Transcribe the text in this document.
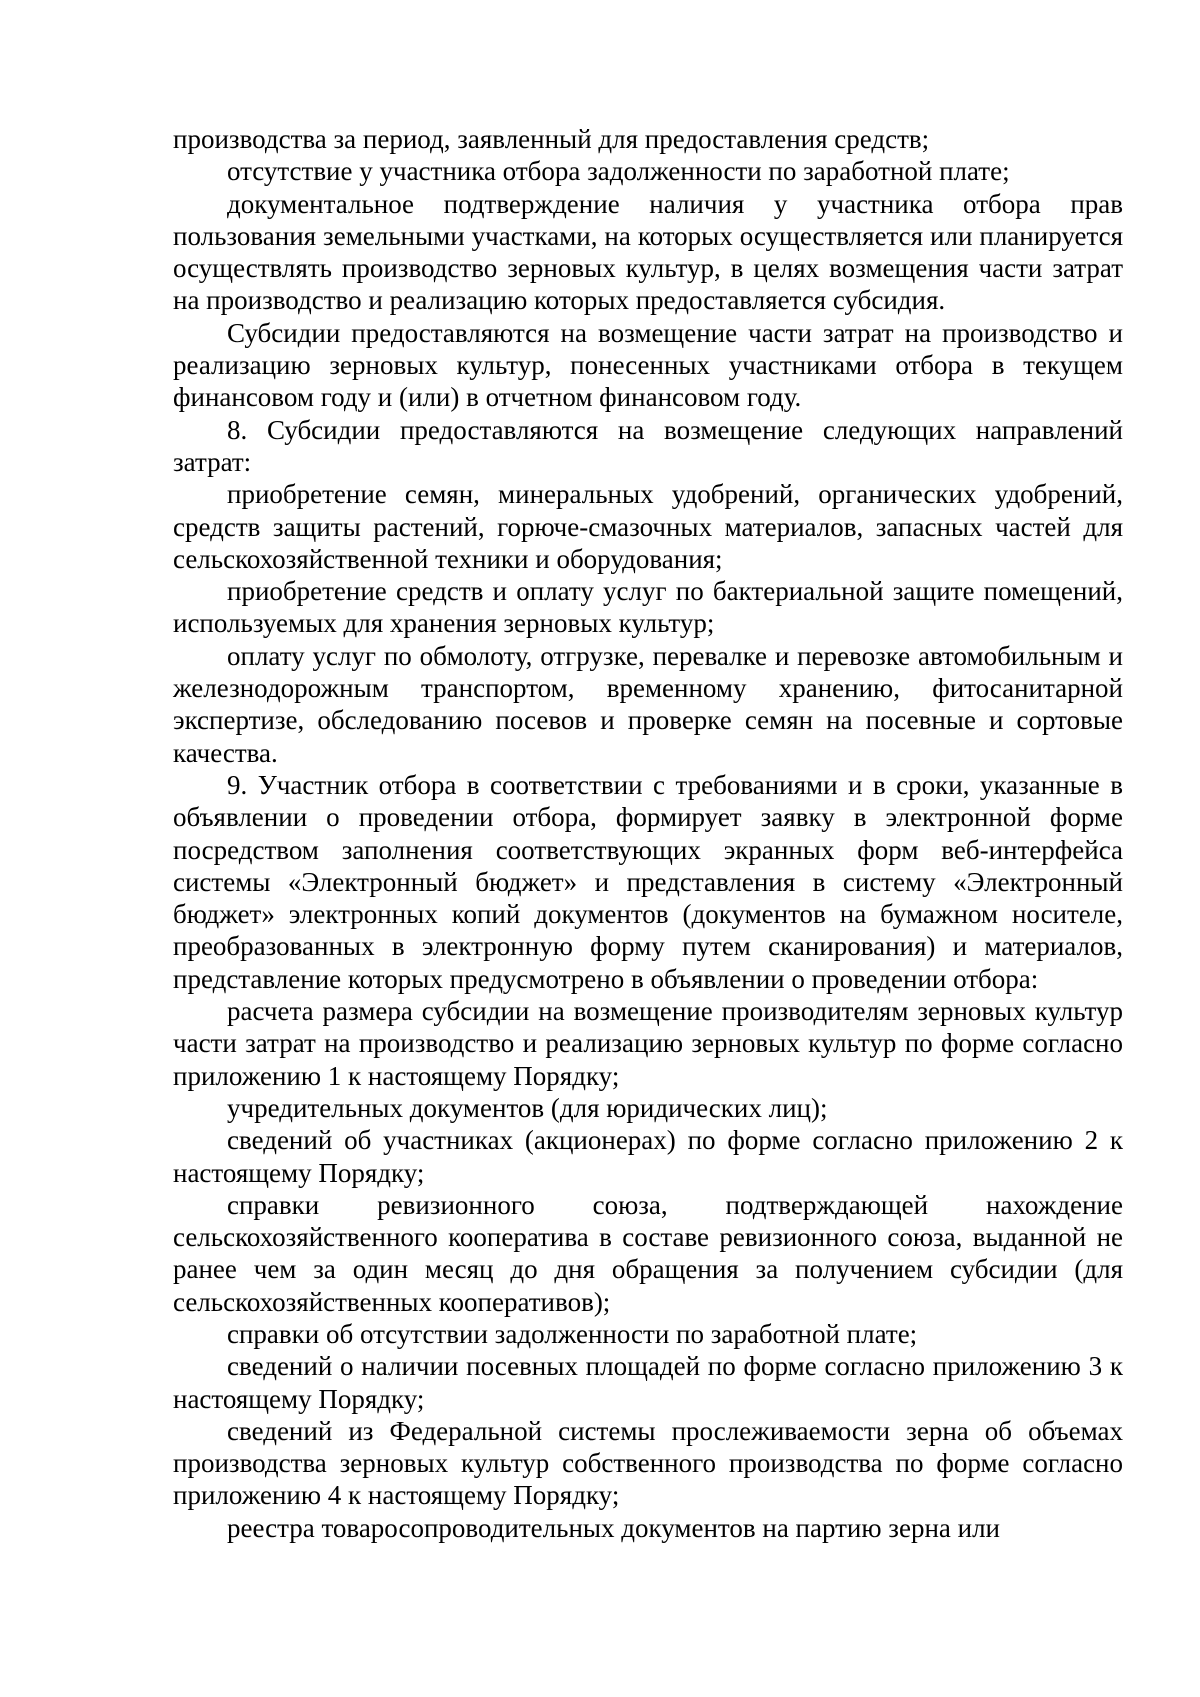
производства за период, заявленный для предоставления средств;

отсутствие у участника отбора задолженности по заработной плате;

документальное подтверждение наличия у участника отбора прав пользования земельными участками, на которых осуществляется или планируется осуществлять производство зерновых культур, в целях возмещения части затрат на производство и реализацию которых предоставляется субсидия.

Субсидии предоставляются на возмещение части затрат на производство и реализацию зерновых культур, понесенных участниками отбора в текущем финансовом году и (или) в отчетном финансовом году.

8. Субсидии предоставляются на возмещение следующих направлений затрат:

приобретение семян, минеральных удобрений, органических удобрений, средств защиты растений, горюче-смазочных материалов, запасных частей для сельскохозяйственной техники и оборудования;

приобретение средств и оплату услуг по бактериальной защите помещений, используемых для хранения зерновых культур;

оплату услуг по обмолоту, отгрузке, перевалке и перевозке автомобильным и железнодорожным транспортом, временному хранению, фитосанитарной экспертизе, обследованию посевов и проверке семян на посевные и сортовые качества.

9. Участник отбора в соответствии с требованиями и в сроки, указанные в объявлении о проведении отбора, формирует заявку в электронной форме посредством заполнения соответствующих экранных форм веб-интерфейса системы «Электронный бюджет» и представления в систему «Электронный бюджет» электронных копий документов (документов на бумажном носителе, преобразованных в электронную форму путем сканирования) и материалов, представление которых предусмотрено в объявлении о проведении отбора:

расчета размера субсидии на возмещение производителям зерновых культур части затрат на производство и реализацию зерновых культур по форме согласно приложению 1 к настоящему Порядку;

учредительных документов (для юридических лиц);

сведений об участниках (акционерах) по форме согласно приложению 2 к настоящему Порядку;

справки ревизионного союза, подтверждающей нахождение сельскохозяйственного кооператива в составе ревизионного союза, выданной не ранее чем за один месяц до дня обращения за получением субсидии (для сельскохозяйственных кооперативов);

справки об отсутствии задолженности по заработной плате;

сведений о наличии посевных площадей по форме согласно приложению 3 к настоящему Порядку;

сведений из Федеральной системы прослеживаемости зерна об объемах производства зерновых культур собственного производства по форме согласно приложению 4 к настоящему Порядку;

реестра товаросопроводительных документов на партию зерна или
